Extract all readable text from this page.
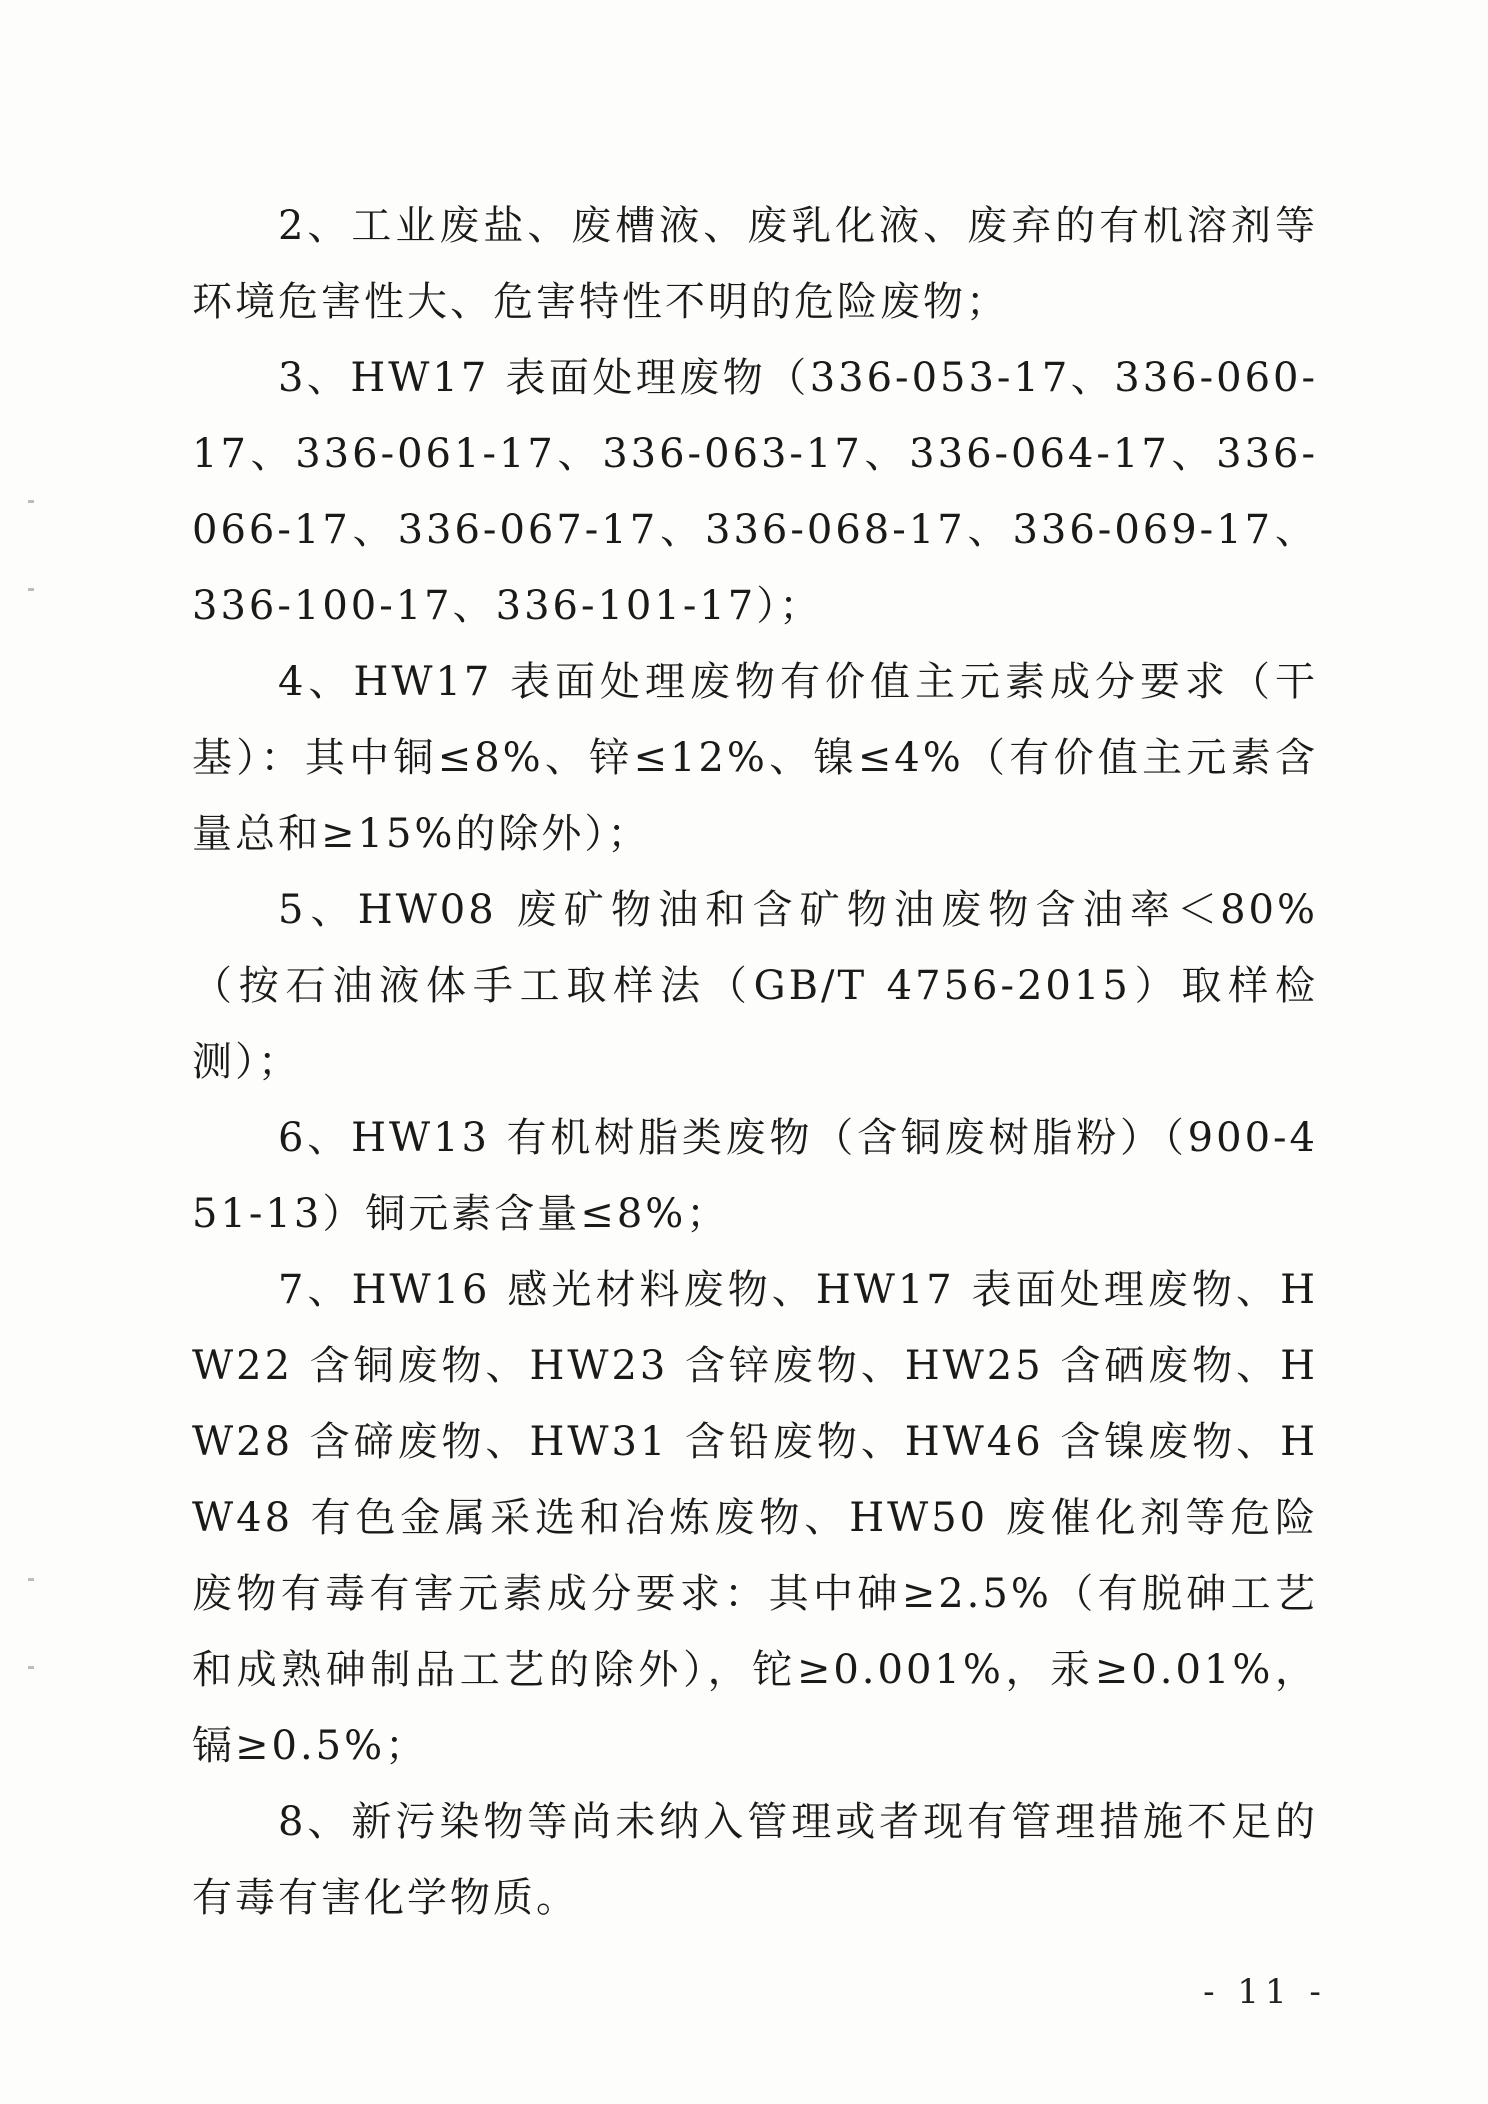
2、工业废盐、废槽液、废乳化液、废弃的有机溶剂等环境危害性大、危害特性不明的危险废物；

3、HW17 表面处理废物（336-053-17、336-060-17、336-061-17、336-063-17、336-064-17、336-066-17、336-067-17、336-068-17、336-069-17、336-100-17、336-101-17）；

4、HW17 表面处理废物有价值主元素成分要求（干基）：其中铜≤8%、锌≤12%、镍≤4%（有价值主元素含量总和≥15%的除外）；

5、HW08 废矿物油和含矿物油废物含油率＜80%（按石油液体手工取样法（GB/T 4756-2015）取样检测）；

6、HW13 有机树脂类废物（含铜废树脂粉）（900-451-13）铜元素含量≤8%；

7、HW16 感光材料废物、HW17 表面处理废物、HW22 含铜废物、HW23 含锌废物、HW25 含硒废物、HW28 含碲废物、HW31 含铅废物、HW46 含镍废物、HW48 有色金属采选和冶炼废物、HW50 废催化剂等危险废物有毒有害元素成分要求：其中砷≥2.5%（有脱砷工艺和成熟砷制品工艺的除外），铊≥0.001%，汞≥0.01%，镉≥0.5%；

8、新污染物等尚未纳入管理或者现有管理措施不足的有毒有害化学物质。

- 11 -
